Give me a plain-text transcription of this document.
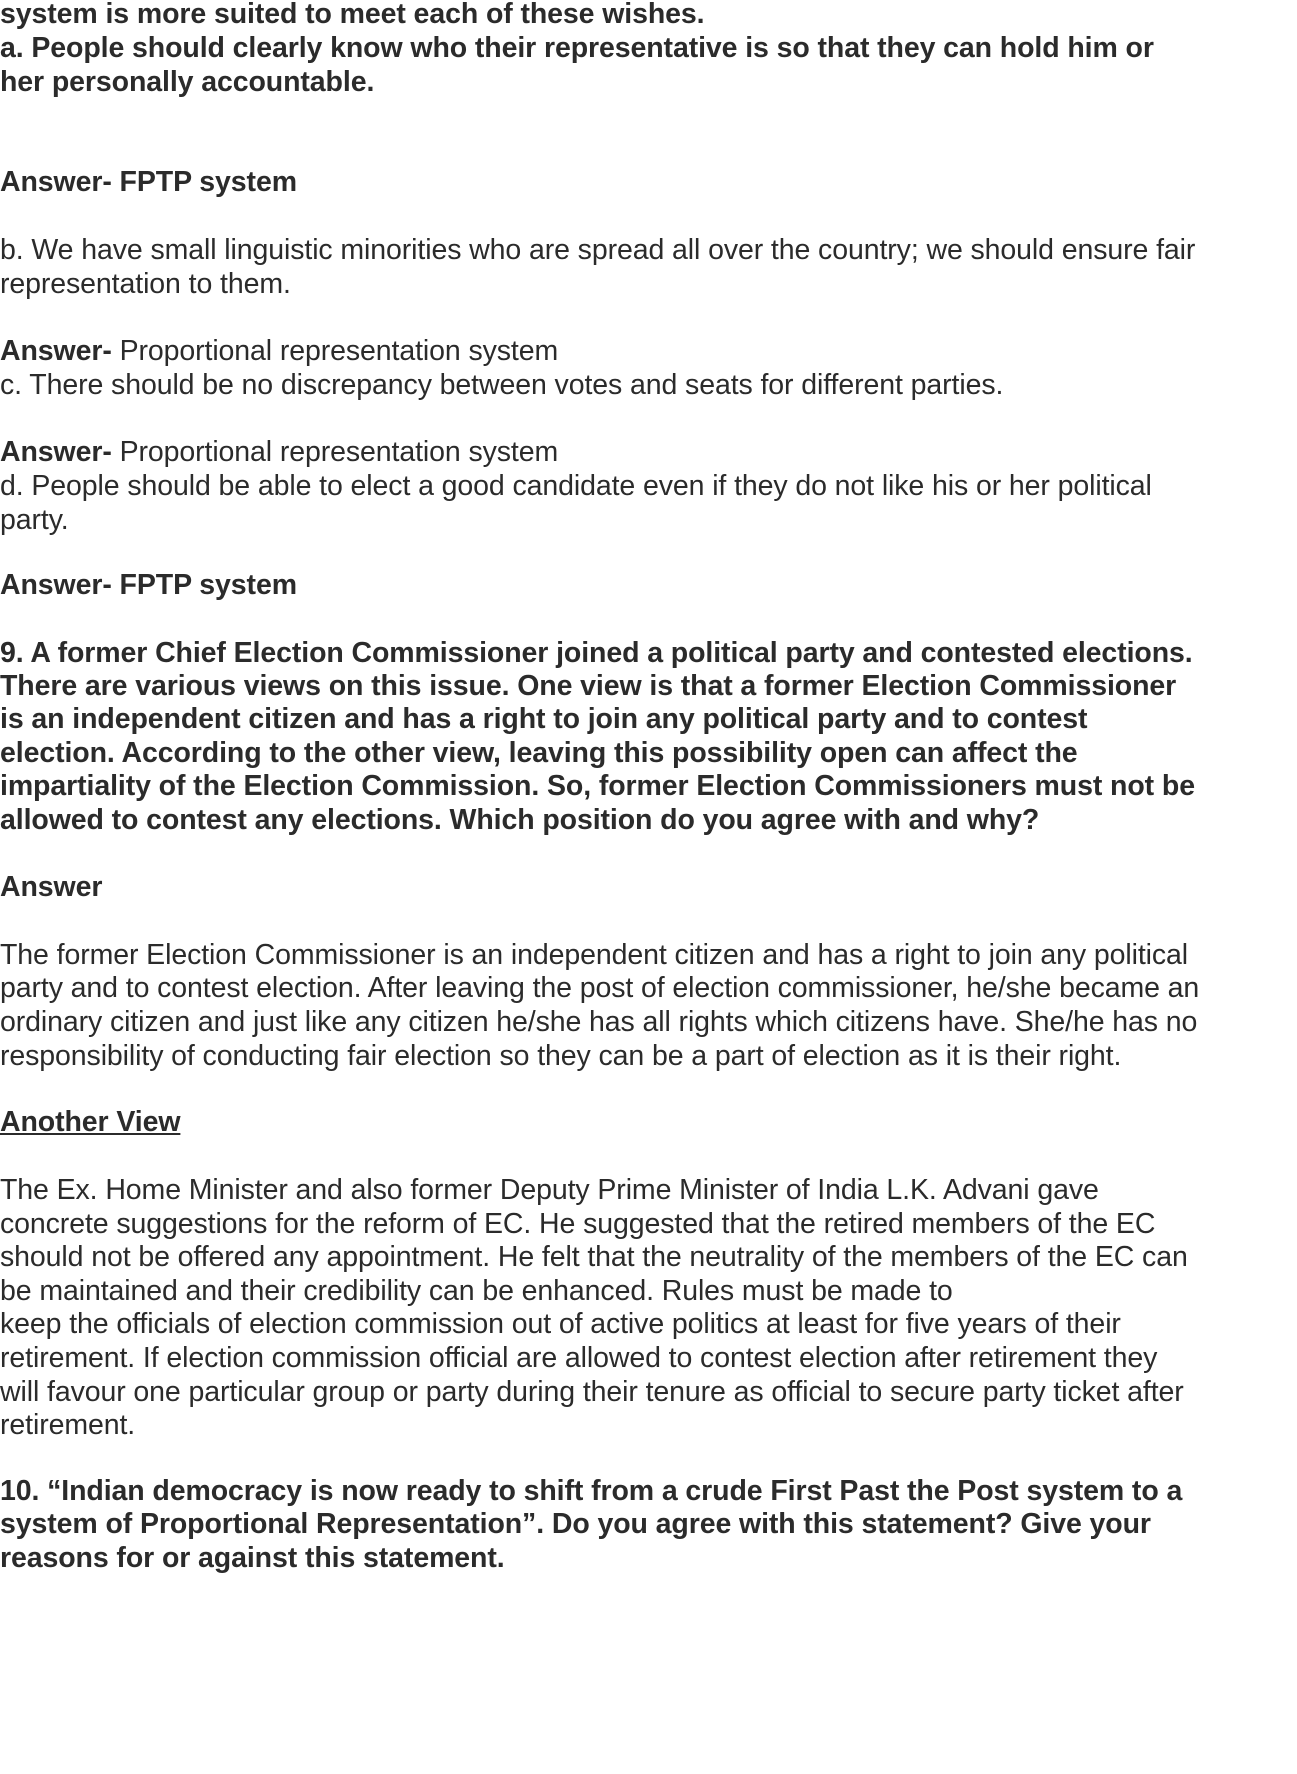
system is more suited to meet each of these wishes.
a. People should clearly know who their representative is so that they can hold him or
her personally accountable.
Answer- FPTP system
b. We have small linguistic minorities who are spread all over the country; we should ensure fair
representation to them.
Answer- Proportional representation system
c. There should be no discrepancy between votes and seats for different parties.
Answer- Proportional representation system
d. People should be able to elect a good candidate even if they do not like his or her political
party.
Answer- FPTP system
9. A former Chief Election Commissioner joined a political party and contested elections.
There are various views on this issue. One view is that a former Election Commissioner
is an independent citizen and has a right to join any political party and to contest
election. According to the other view, leaving this possibility open can affect the
impartiality of the Election Commission. So, former Election Commissioners must not be
allowed to contest any elections. Which position do you agree with and why?
Answer
The former Election Commissioner is an independent citizen and has a right to join any political
party and to contest election. After leaving the post of election commissioner, he/she became an
ordinary citizen and just like any citizen he/she has all rights which citizens have. She/he has no
responsibility of conducting fair election so they can be a part of election as it is their right.
Another View
The Ex. Home Minister and also former Deputy Prime Minister of India L.K. Advani gave
concrete suggestions for the reform of EC. He suggested that the retired members of the EC
should not be offered any appointment. He felt that the neutrality of the members of the EC can
be maintained and their credibility can be enhanced. Rules must be made to
keep the officials of election commission out of active politics at least for five years of their
retirement. If election commission official are allowed to contest election after retirement they
will favour one particular group or party during their tenure as official to secure party ticket after
retirement.
10. “Indian democracy is now ready to shift from a crude First Past the Post system to a
system of Proportional Representation”. Do you agree with this statement? Give your
reasons for or against this statement.
